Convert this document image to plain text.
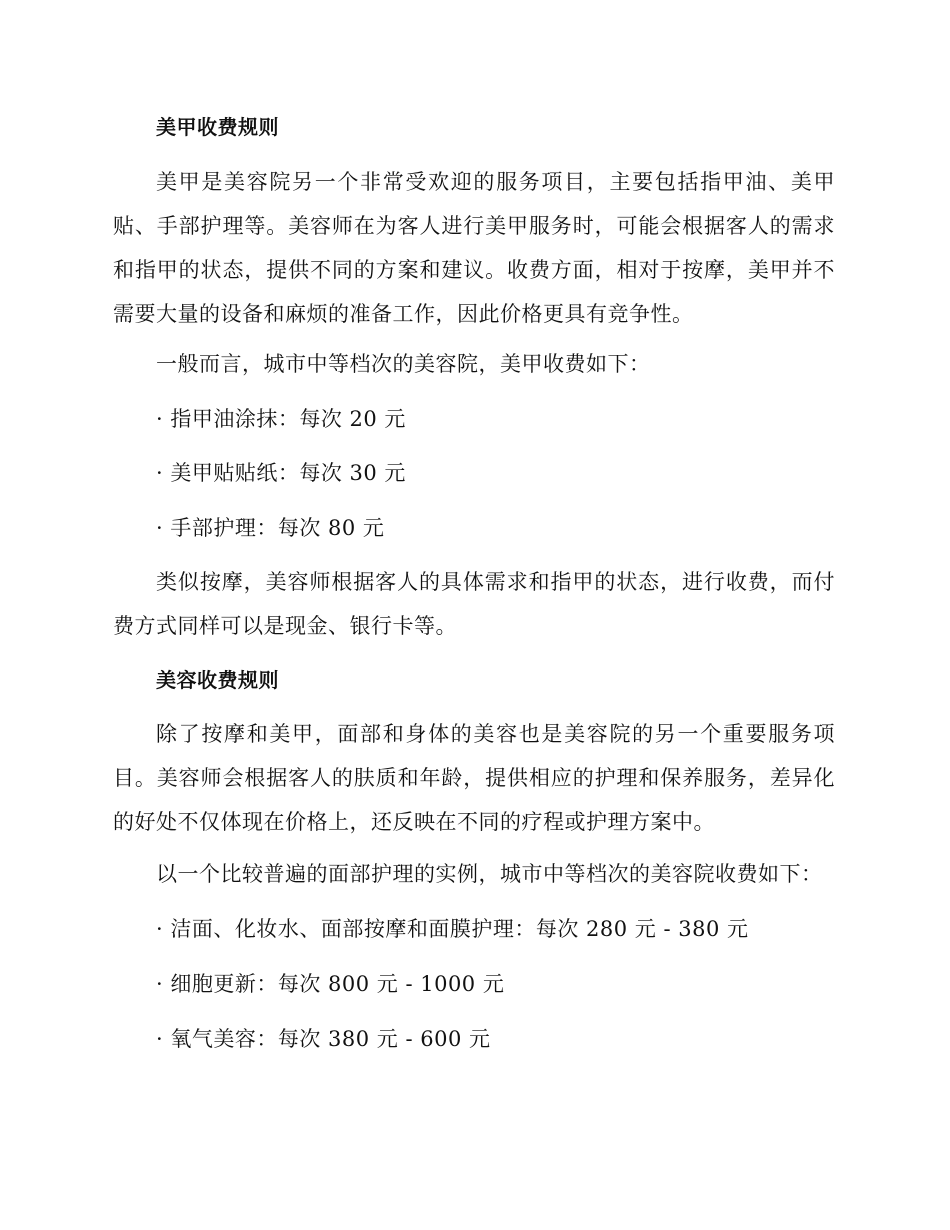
美甲收费规则

美甲是美容院另一个非常受欢迎的服务项目，主要包括指甲油、美甲贴、手部护理等。美容师在为客人进行美甲服务时，可能会根据客人的需求和指甲的状态，提供不同的方案和建议。收费方面，相对于按摩，美甲并不需要大量的设备和麻烦的准备工作，因此价格更具有竞争性。

一般而言，城市中等档次的美容院，美甲收费如下：

· 指甲油涂抹：每次 20 元

· 美甲贴贴纸：每次 30 元

· 手部护理：每次 80 元

类似按摩，美容师根据客人的具体需求和指甲的状态，进行收费，而付费方式同样可以是现金、银行卡等。

美容收费规则

除了按摩和美甲，面部和身体的美容也是美容院的另一个重要服务项目。美容师会根据客人的肤质和年龄，提供相应的护理和保养服务，差异化的好处不仅体现在价格上，还反映在不同的疗程或护理方案中。

以一个比较普遍的面部护理的实例，城市中等档次的美容院收费如下：

· 洁面、化妆水、面部按摩和面膜护理：每次 280 元 - 380 元

· 细胞更新：每次 800 元 - 1000 元

· 氧气美容：每次 380 元 - 600 元
